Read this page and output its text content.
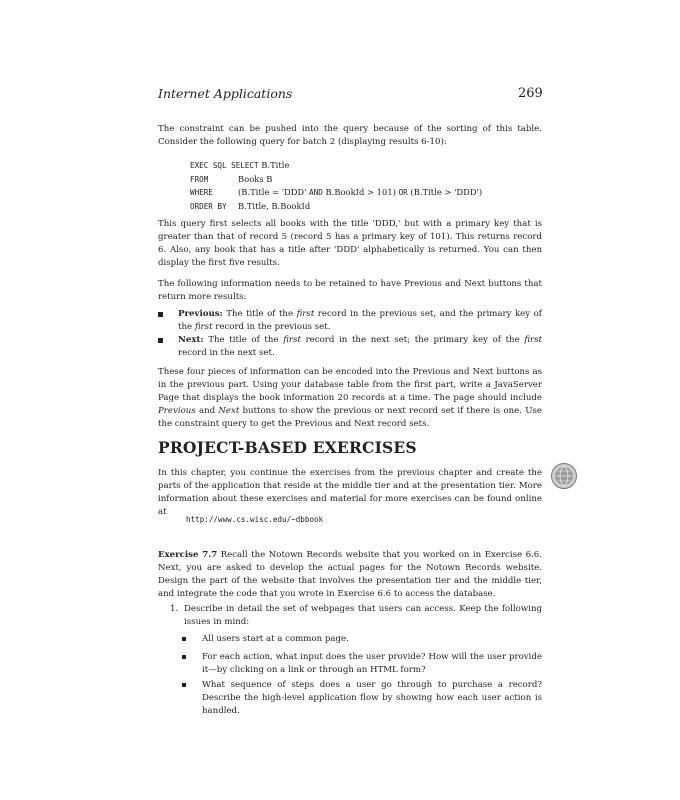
Internet Applications	269
The constraint can be pushed into the query because of the sorting of this table. Consider the following query for batch 2 (displaying results 6-10):
EXEC SQL SELECT B.Title
FROM	Books B
WHERE	(B.Title = 'DDD' AND B.BookId > 101) OR (B.Title > 'DDD')
ORDER BY B.Title, B.BookId
This query first selects all books with the title 'DDD,' but with a primary key that is greater than that of record 5 (record 5 has a primary key of 101). This returns record 6. Also, any book that has a title after 'DDD' alphabetically is returned. You can then display the first five results.
The following information needs to be retained to have Previous and Next buttons that return more results:
Previous: The title of the first record in the previous set, and the primary key of the first record in the previous set.
Next: The title of the first record in the next set; the primary key of the first record in the next set.
These four pieces of information can be encoded into the Previous and Next buttons as in the previous part. Using your database table from the first part, write a JavaServer Page that displays the book information 20 records at a time. The page should include Previous and Next buttons to show the previous or next record set if there is one. Use the constraint query to get the Previous and Next record sets.
PROJECT-BASED EXERCISES
In this chapter, you continue the exercises from the previous chapter and create the parts of the application that reside at the middle tier and at the presentation tier. More information about these exercises and material for more exercises can be found online at
http://www.cs.wisc.edu/~dbbook
Exercise 7.7 Recall the Notown Records website that you worked on in Exercise 6.6. Next, you are asked to develop the actual pages for the Notown Records website. Design the part of the website that involves the presentation tier and the middle tier, and integrate the code that you wrote in Exercise 6.6 to access the database.
1. Describe in detail the set of webpages that users can access. Keep the following issues in mind:
All users start at a common page.
For each action, what input does the user provide? How will the user provide it—by clicking on a link or through an HTML form?
What sequence of steps does a user go through to purchase a record? Describe the high-level application flow by showing how each user action is handled.
